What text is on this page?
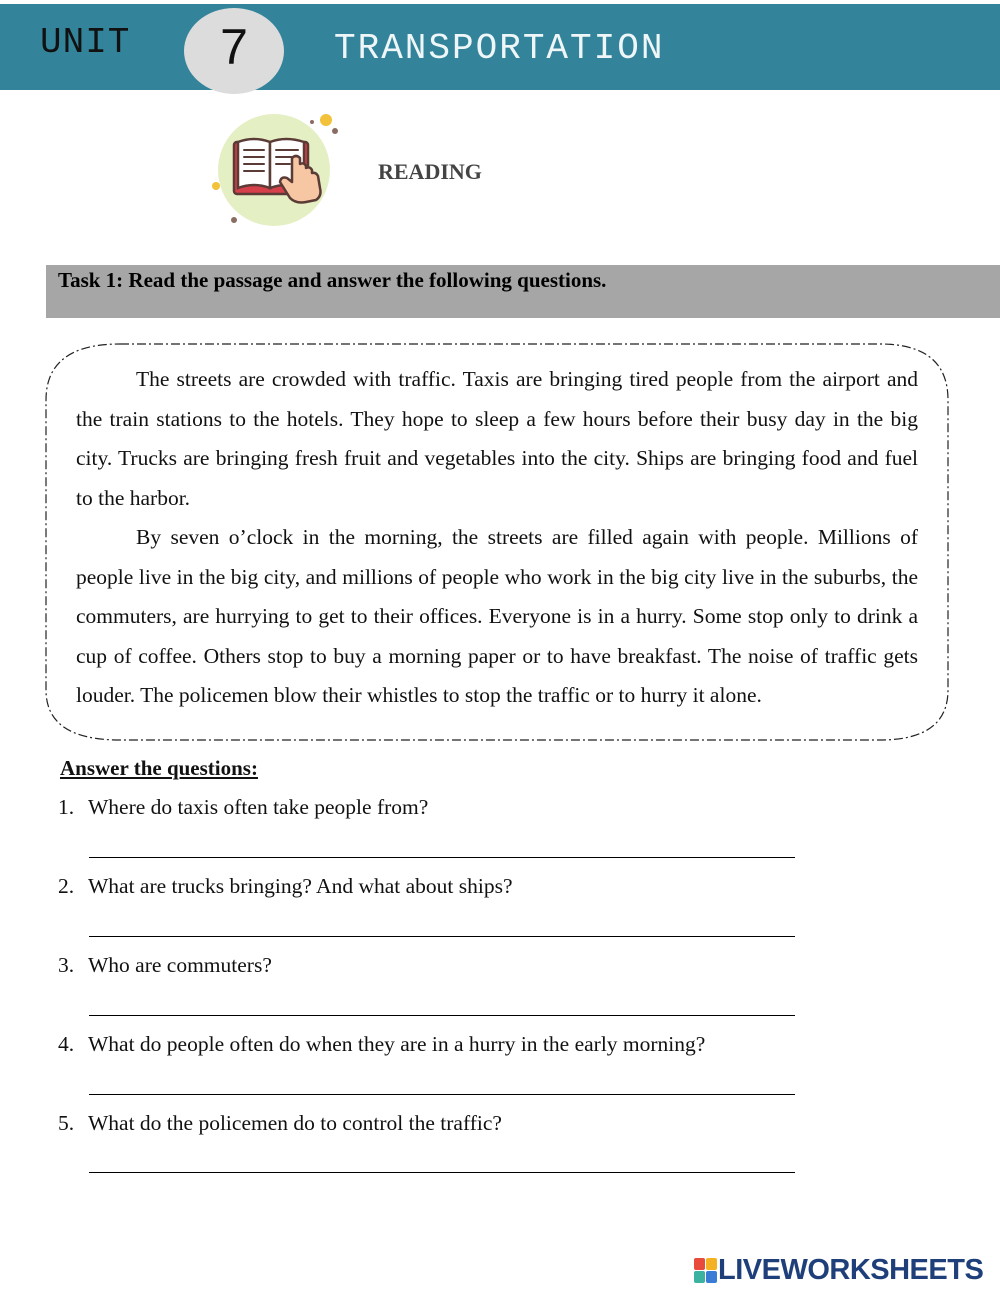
UNIT	7	TRANSPORTATION
READING
Task 1: Read the passage and answer the following questions.

The streets are crowded with traffic. Taxis are bringing tired people from the airport and the train stations to the hotels. They hope to sleep a few hours before their busy day in the big city. Trucks are bringing fresh fruit and vegetables into the city. Ships are bringing food and fuel to the harbor.

By seven o’clock in the morning, the streets are filled again with people. Millions of people live in the big city, and millions of people who work in the big city live in the suburbs, the commuters, are hurrying to get to their offices. Everyone is in a hurry. Some stop only to drink a cup of coffee. Others stop to buy a morning paper or to have breakfast. The noise of traffic gets louder. The policemen blow their whistles to stop the traffic or to hurry it alone.

Answer the questions:
1. Where do taxis often take people from?
2. What are trucks bringing? And what about ships?
3. Who are commuters?
4. What do people often do when they are in a hurry in the early morning?
5. What do the policemen do to control the traffic?
LIVEWORKSHEETS
